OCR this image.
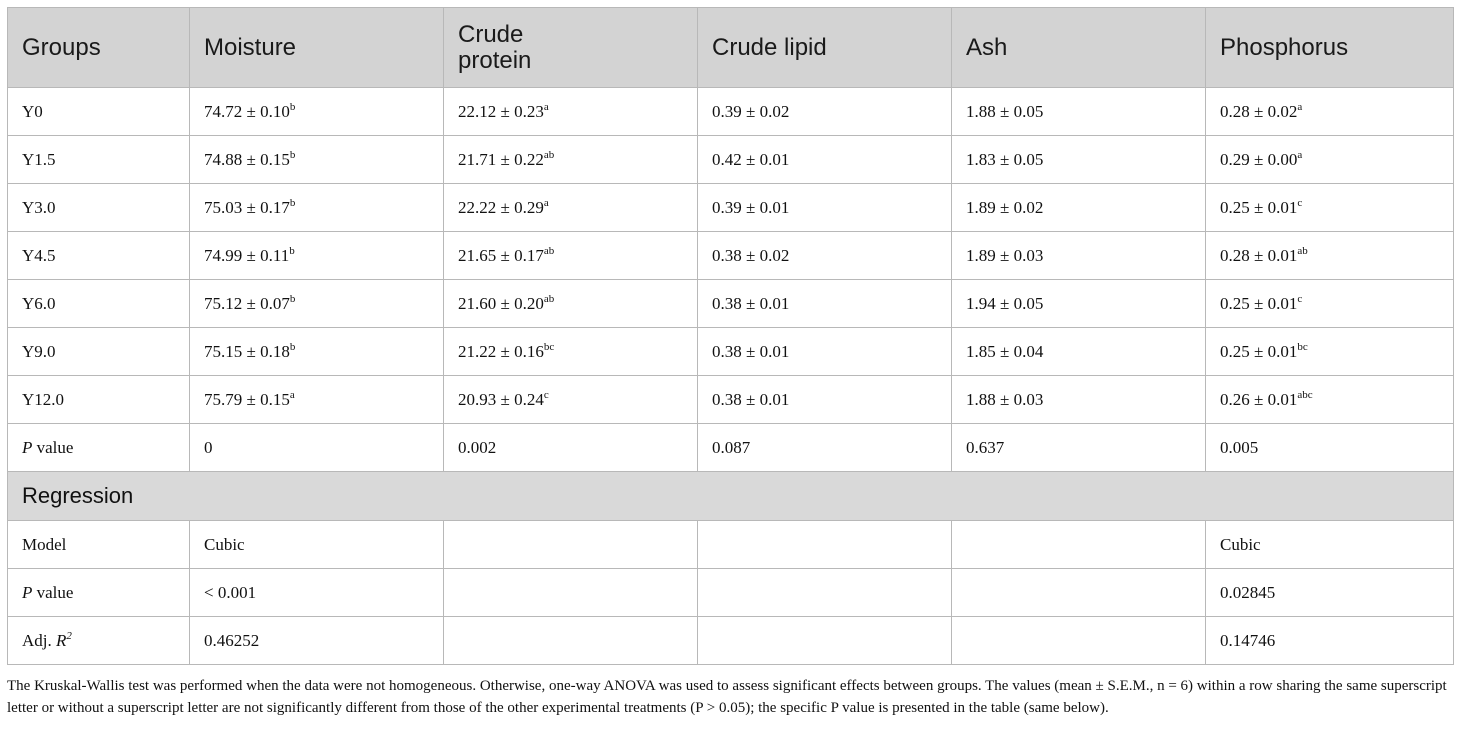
Groups	Moisture	Crude protein	Crude lipid	Ash	Phosphorus
Y0	74.72 ± 0.10$^b$	22.12 ± 0.23$^a$	0.39 ± 0.02	1.88 ± 0.05	0.28 ± 0.02$^a$
Y1.5	74.88 ± 0.15$^b$	21.71 ± 0.22$^{ab}$	0.42 ± 0.01	1.83 ± 0.05	0.29 ± 0.00$^a$
Y3.0	75.03 ± 0.17$^b$	22.22 ± 0.29$^a$	0.39 ± 0.01	1.89 ± 0.02	0.25 ± 0.01$^c$
Y4.5	74.99 ± 0.11$^b$	21.65 ± 0.17$^{ab}$	0.38 ± 0.02	1.89 ± 0.03	0.28 ± 0.01$^{ab}$
Y6.0	75.12 ± 0.07$^b$	21.60 ± 0.20$^{ab}$	0.38 ± 0.01	1.94 ± 0.05	0.25 ± 0.01$^c$
Y9.0	75.15 ± 0.18$^b$	21.22 ± 0.16$^{bc}$	0.38 ± 0.01	1.85 ± 0.04	0.25 ± 0.01$^{bc}$
Y12.0	75.79 ± 0.15$^a$	20.93 ± 0.24$^c$	0.38 ± 0.01	1.88 ± 0.03	0.26 ± 0.01$^{abc}$
P value	0	0.002	0.087	0.637	0.005
Regression					
Model	Cubic				Cubic
P value	< 0.001				0.02845
Adj. $R^2$	0.46252				0.14746
The Kruskal-Wallis test was performed when the data were not homogeneous. Otherwise, one-way ANOVA was used to assess significant effects between groups. The values (mean ± S.E.M., n = 6) within a row sharing the same superscript letter or without a superscript letter are not significantly different from those of the other experimental treatments (P > 0.05); the specific P value is presented in the table (same below).
